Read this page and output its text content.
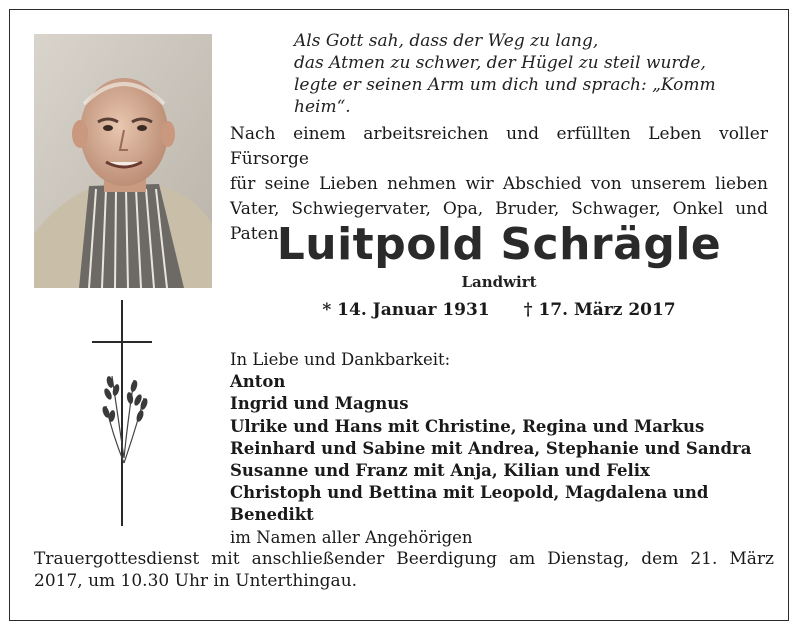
Als Gott sah, dass der Weg zu lang,
das Atmen zu schwer, der Hügel zu steil wurde,
legte er seinen Arm um dich und sprach: „Komm heim“.
Nach einem arbeitsreichen und erfüllten Leben voller Fürsorge
für seine Lieben nehmen wir Abschied von unserem lieben
Vater, Schwiegervater, Opa, Bruder, Schwager, Onkel und Paten
Luitpold Schrägle
Landwirt
* 14. Januar 1931 † 17. März 2017
In Liebe und Dankbarkeit:
Anton
Ingrid und Magnus
Ulrike und Hans mit Christine, Regina und Markus
Reinhard und Sabine mit Andrea, Stephanie und Sandra
Susanne und Franz mit Anja, Kilian und Felix
Christoph und Bettina mit Leopold, Magdalena und Benedikt
im Namen aller Angehörigen
Trauergottesdienst mit anschließender Beerdigung am Dienstag, dem 21. März 2017, um 10.30 Uhr in Unterthingau.
